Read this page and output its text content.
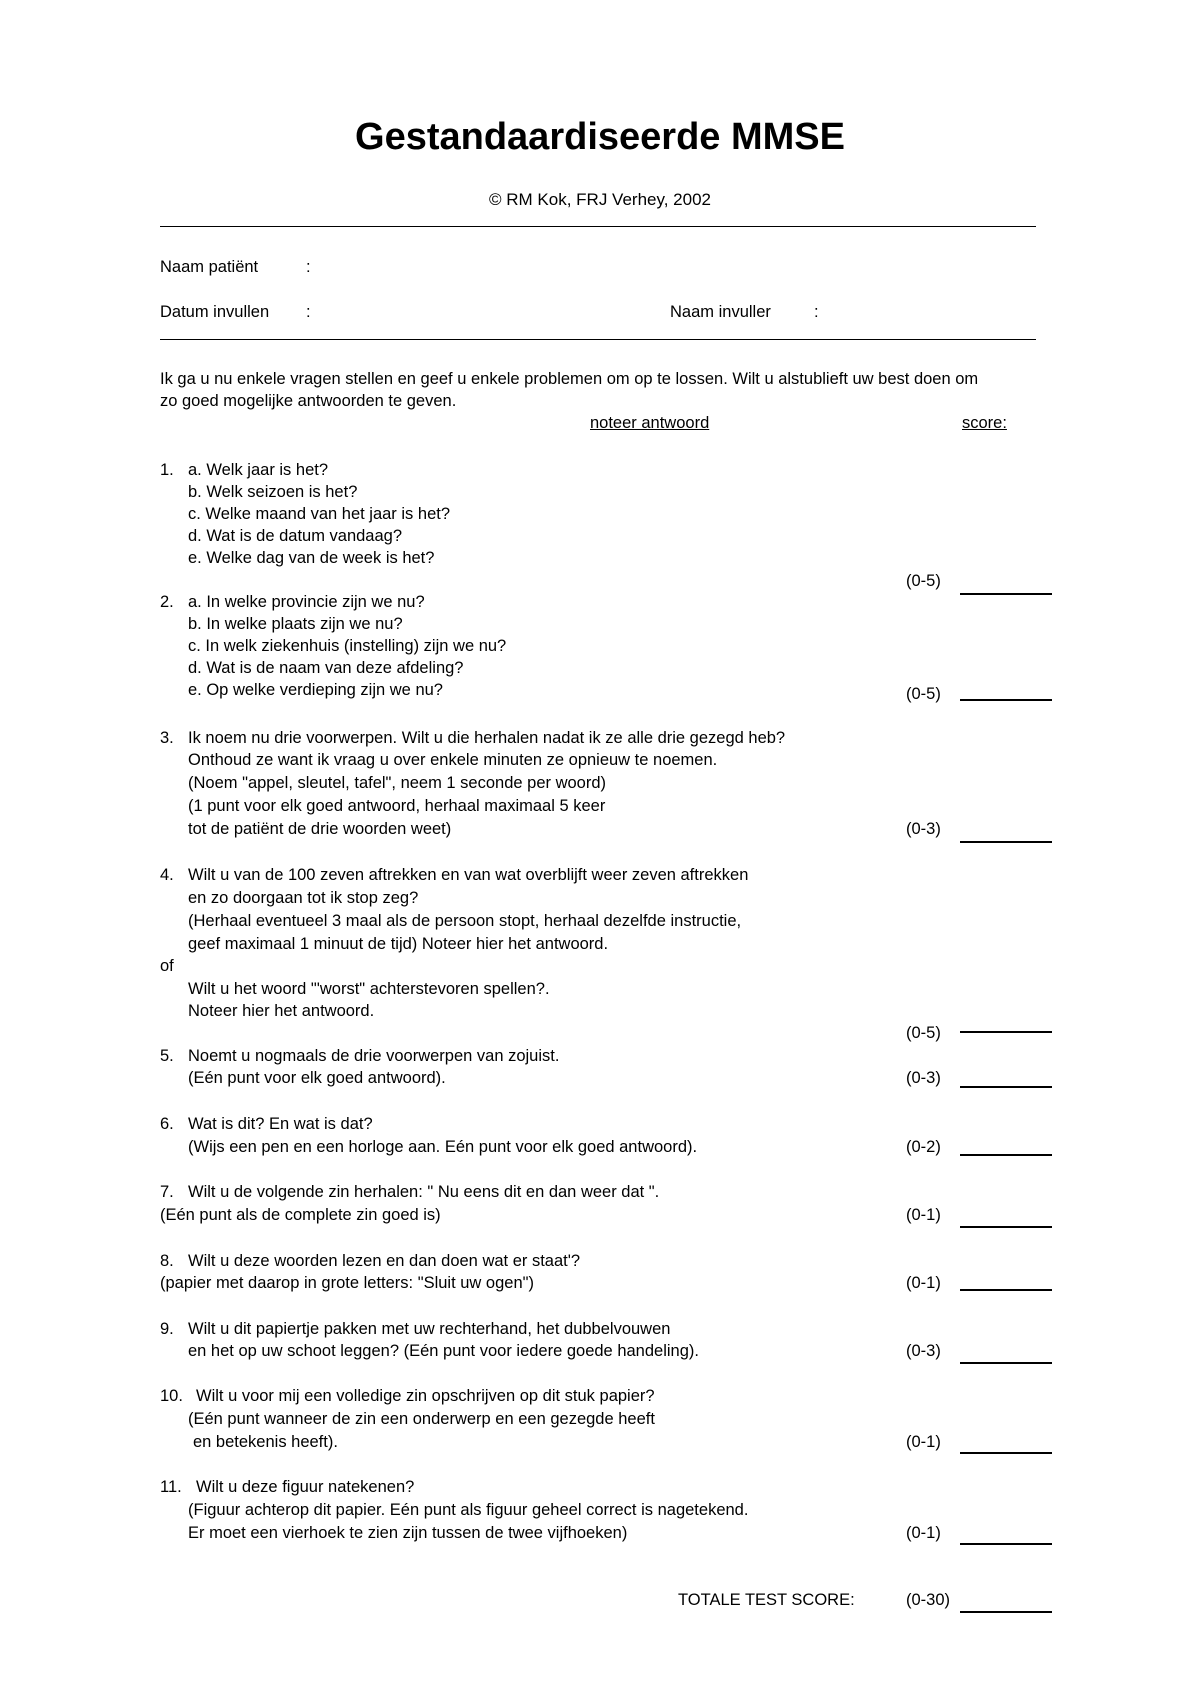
Gestandaardiseerde MMSE
© RM Kok, FRJ Verhey, 2002
Naam patiënt	:
Datum invullen :	Naam invuller	:
Ik ga u nu enkele vragen stellen en geef u enkele problemen om op te lossen. Wilt u alstublieft uw best doen om
zo goed mogelijke antwoorden te geven.
noteer antwoord	score:
1. a. Welk jaar is het?
b. Welk seizoen is het?
c. Welke maand van het jaar is het?
d. Wat is de datum vandaag?
e. Welke dag van de week is het?
(0-5)
2. a. In welke provincie zijn we nu?
b. In welke plaats zijn we nu?
c. In welk ziekenhuis (instelling) zijn we nu?
d. Wat is de naam van deze afdeling?
e. Op welke verdieping zijn we nu?	(0-5)
3. Ik noem nu drie voorwerpen. Wilt u die herhalen nadat ik ze alle drie gezegd heb?
Onthoud ze want ik vraag u over enkele minuten ze opnieuw te noemen.
(Noem "appel, sleutel, tafel", neem 1 seconde per woord)
(1 punt voor elk goed antwoord, herhaal maximaal 5 keer
tot de patiënt de drie woorden weet)	(0-3)
4. Wilt u van de 100 zeven aftrekken en van wat overblijft weer zeven aftrekken
en zo doorgaan tot ik stop zeg?
(Herhaal eventueel 3 maal als de persoon stopt, herhaal dezelfde instructie,
geef maximaal 1 minuut de tijd) Noteer hier het antwoord.
of
Wilt u het woord "'worst" achterstevoren spellen?.
Noteer hier het antwoord.
(0-5)
5. Noemt u nogmaals de drie voorwerpen van zojuist.
(Eén punt voor elk goed antwoord).	(0-3)
6. Wat is dit? En wat is dat?
(Wijs een pen en een horloge aan. Eén punt voor elk goed antwoord).	(0-2)
7. Wilt u de volgende zin herhalen: " Nu eens dit en dan weer dat ".
(Eén punt als de complete zin goed is)	(0-1)
8. Wilt u deze woorden lezen en dan doen wat er staat'?
(papier met daarop in grote letters: "Sluit uw ogen")	(0-1)
9. Wilt u dit papiertje pakken met uw rechterhand, het dubbelvouwen
en het op uw schoot leggen? (Eén punt voor iedere goede handeling).	(0-3)
10. Wilt u voor mij een volledige zin opschrijven op dit stuk papier?
(Eén punt wanneer de zin een onderwerp en een gezegde heeft
en betekenis heeft).	(0-1)
11. Wilt u deze figuur natekenen?
(Figuur achterop dit papier. Eén punt als figuur geheel correct is nagetekend.
Er moet een vierhoek te zien zijn tussen de twee vijfhoeken)	(0-1)
TOTALE TEST SCORE:	(0-30)
